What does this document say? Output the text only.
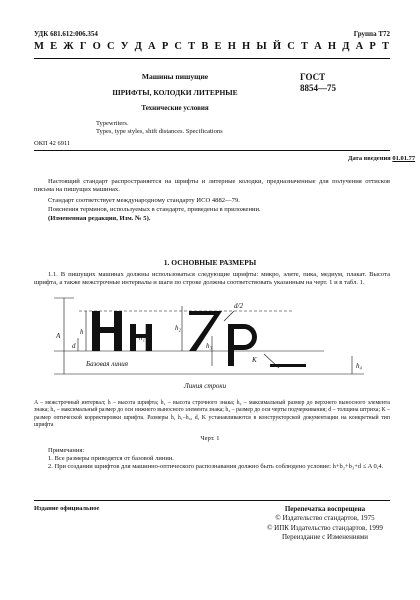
УДК 681.612:006.354	Группа Т72
М Е Ж Г О С У Д А Р С Т В Е Н Н Ы Й С Т А Н Д А Р Т
Машины пишущие
ШРИФТЫ, КОЛОДКИ ЛИТЕРНЫЕ
Технические условия
Typewriters.
Types, type styles, shift distances. Specifications
ГОСТ
8854—75
ОКП 42 6911
Дата введения 01.01.77
Настоящий стандарт распространяется на шрифты и литерные колодки, предназначенные для получения оттисков письма на пишущих машинах.
Стандарт соответствует международному стандарту ИСО 4882—79.
Пояснения терминов, используемых в стандарте, приведены в приложении.
(Измененная редакция, Изм. № 5).
1. ОСНОВНЫЕ РАЗМЕРЫ
1.1. В пишущих машинах должны использоваться следующие шрифты: микро, элите, пика, медиум, плакат. Высота шрифта, а также межстрочные интервалы и шаги по строке должны соответствовать указанным на черт. 1 и в табл. 1.
A	h
d
h₁
h₂
h₃
h₄
K
d/2
Базовая линия
Линия строки
A – межстрочный интервал; h – высота шрифта; h₁ – высота строчного знака; h₂ – максимальный размер до верхнего выносного элемента знака; h₃ – максимальный размер до оси нижнего выносного элемента знака; h₄ – размер до оси черты подчеркивания; d – толщина штриха; K – размер оптической корректировки шрифта. Размеры h, h₁–h₄, d, K устанавливаются в конструкторской документации на конкретный тип шрифта
Черт. 1
Примечания:
1. Все размеры приводятся от базовой линии.
2. При создании шрифтов для машинно-оптического распознавания должно быть соблюдено условие: h+b₂+b₃+d ≤ A 0,4.
Издание официальное	Перепечатка воспрещена
© Издательство стандартов, 1975
© ИПК Издательство стандартов, 1999
Переиздание с Изменениями
